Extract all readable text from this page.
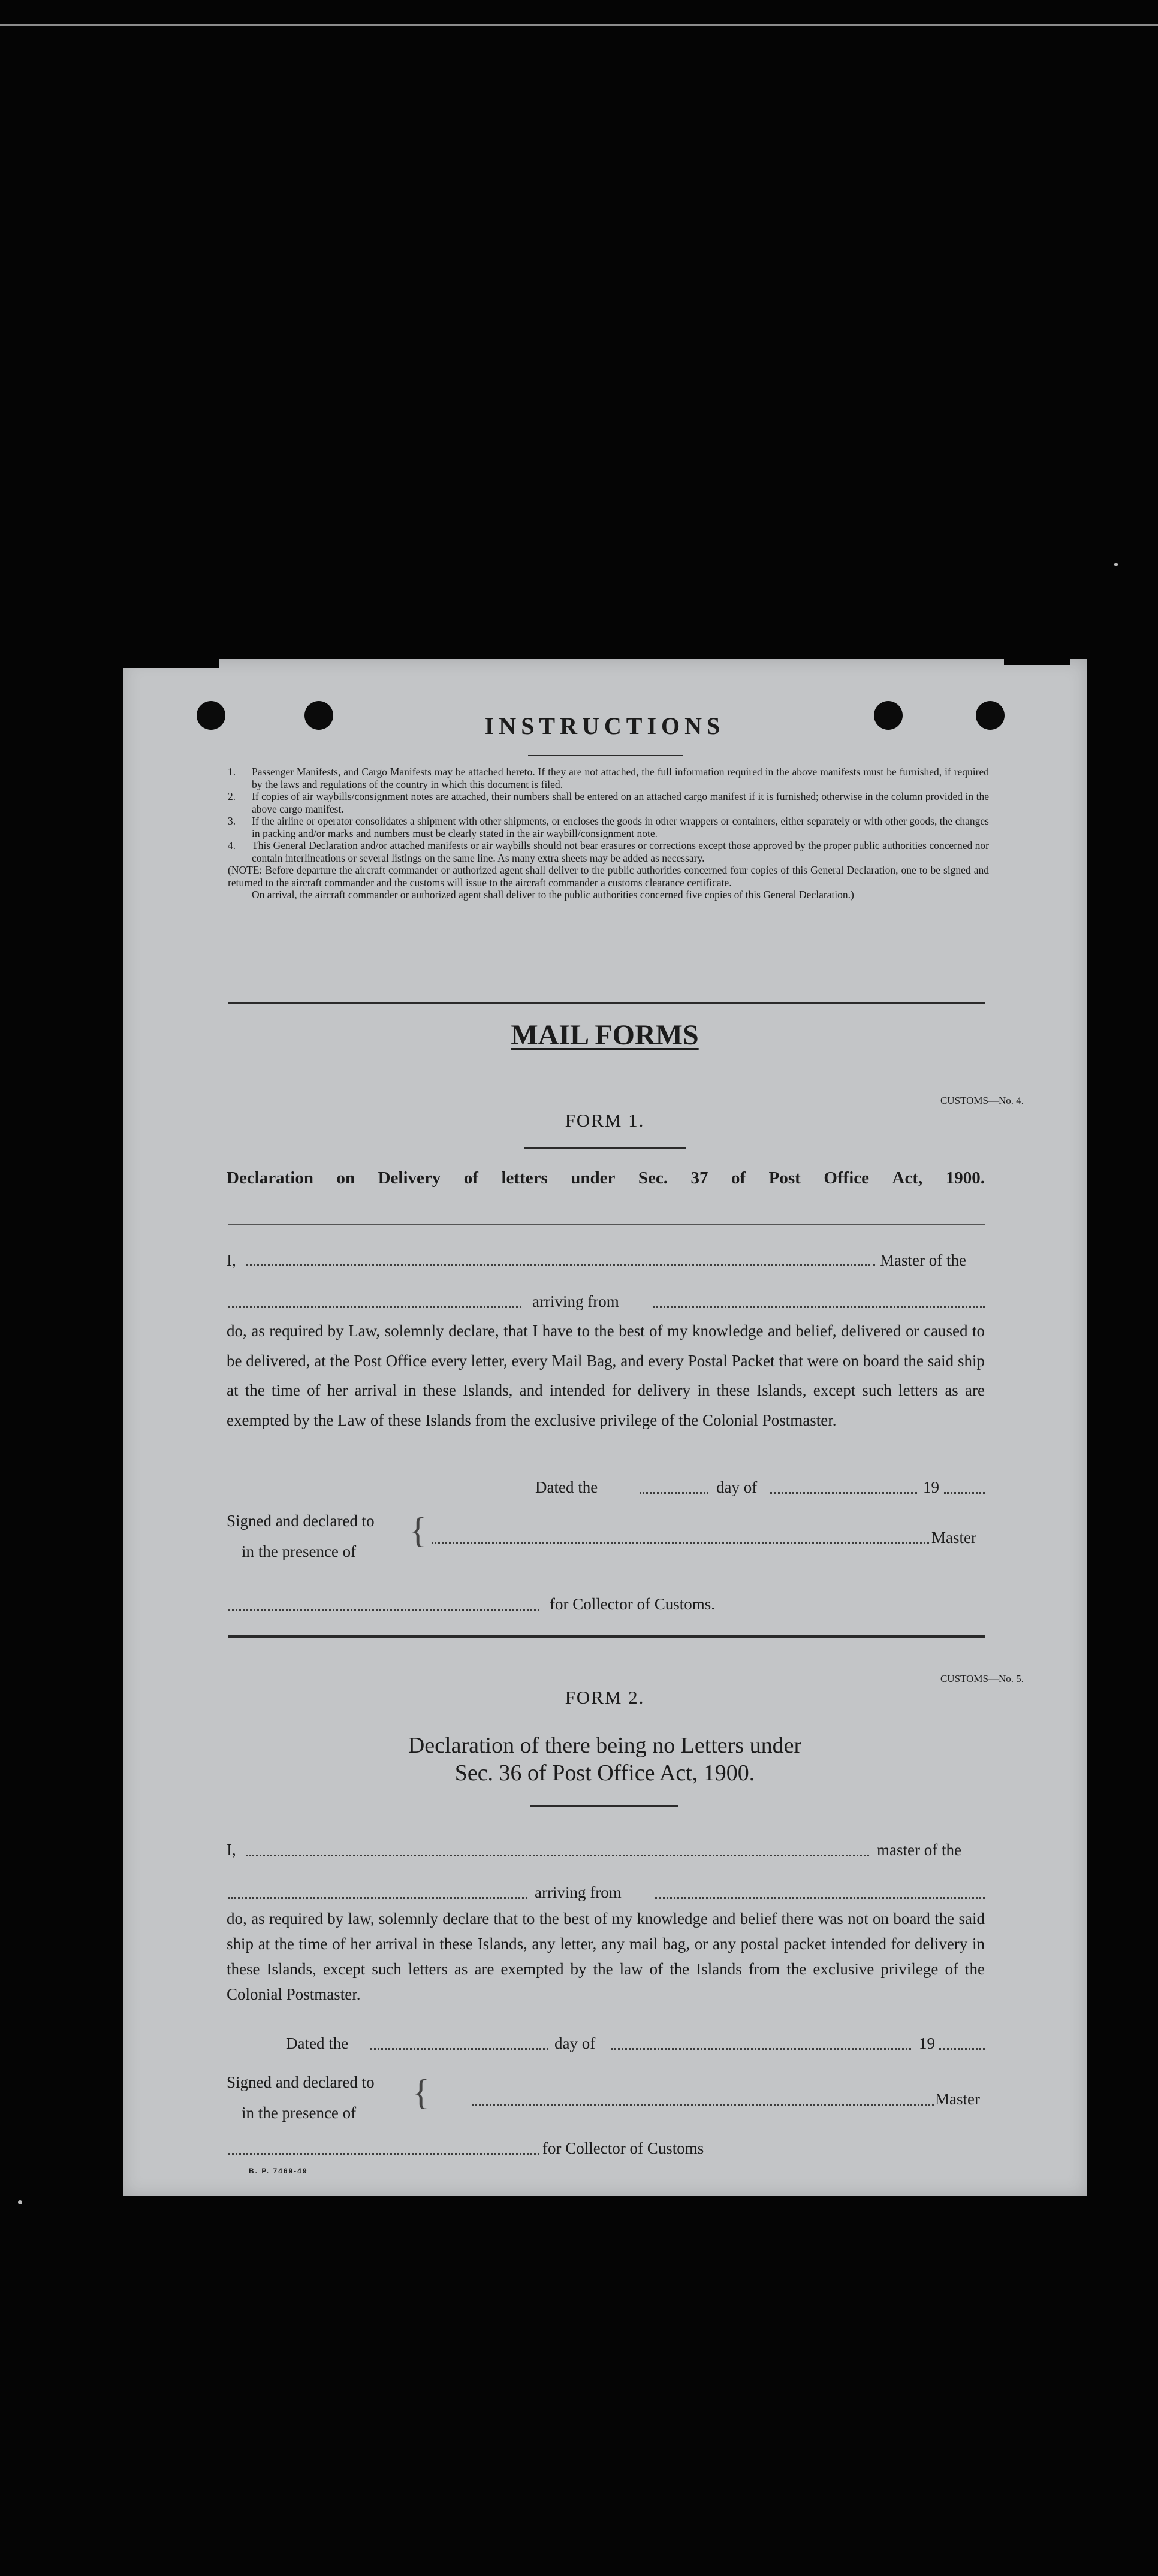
INSTRUCTIONS
1.	Passenger Manifests, and Cargo Manifests may be attached hereto. If they are not attached, the full information required in the above manifests must be furnished, if required by the laws and regulations of the country in which this document is filed.
2.	If copies of air waybills/consignment notes are attached, their numbers shall be entered on an attached cargo manifest if it is furnished; otherwise in the column provided in the above cargo manifest.
3.	If the airline or operator consolidates a shipment with other shipments, or encloses the goods in other wrappers or containers, either separately or with other goods, the changes in packing and/or marks and numbers must be clearly stated in the air waybill/consignment note.
4.	This General Declaration and/or attached manifests or air waybills should not bear erasures or corrections except those approved by the proper public authorities concerned nor contain interlineations or several listings on the same line. As many extra sheets may be added as necessary.
(NOTE: Before departure the aircraft commander or authorized agent shall deliver to the public authorities concerned four copies of this General Declaration, one to be signed and returned to the aircraft commander and the customs will issue to the aircraft commander a customs clearance certificate.
On arrival, the aircraft commander or authorized agent shall deliver to the public authorities concerned five copies of this General Declaration.)
MAIL FORMS
CUSTOMS—No. 4.
FORM 1.
Declaration on Delivery of letters under Sec. 37 of Post Office Act, 1900.
I,	Master of the
arriving from
do, as required by Law, solemnly declare, that I have to the best of my knowledge and belief, delivered or caused to be delivered, at the Post Office every letter, every Mail Bag, and every Postal Packet that were on board the said ship at the time of her arrival in these Islands, and intended for delivery in these Islands, except such letters as are exempted by the Law of these Islands from the exclusive privilege of the Colonial Postmaster.
Dated the	day of	19
Signed and declared to
in the presence of
{	Master
for Collector of Customs.
CUSTOMS—No. 5.
FORM 2.
Declaration of there being no Letters under
Sec. 36 of Post Office Act, 1900.
I,	master of the
arriving from
do, as required by law, solemnly declare that to the best of my knowledge and belief there was not on board the said ship at the time of her arrival in these Islands, any letter, any mail bag, or any postal packet intended for delivery in these Islands, except such letters as are exempted by the law of the Islands from the exclusive privilege of the Colonial Postmaster.
Dated the	day of	19
Signed and declared to
in the presence of
{	Master
for Collector of Customs
B. P. 7469-49
